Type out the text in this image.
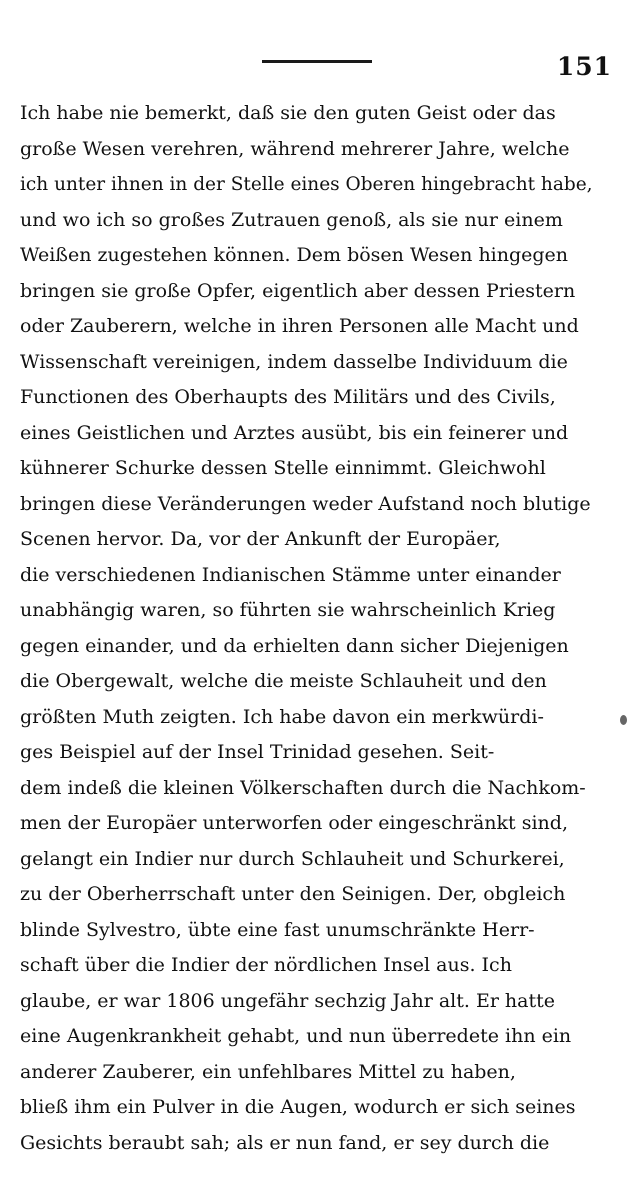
151
Ich habe nie bemerkt, daß sie den guten Geist oder das
große Wesen verehren, während mehrerer Jahre, welche
ich unter ihnen in der Stelle eines Oberen hingebracht habe,
und wo ich so großes Zutrauen genoß, als sie nur einem
Weißen zugestehen können. Dem bösen Wesen hingegen
bringen sie große Opfer, eigentlich aber dessen Priestern
oder Zauberern, welche in ihren Personen alle Macht und
Wissenschaft vereinigen, indem dasselbe Individuum die
Functionen des Oberhaupts des Militärs und des Civils,
eines Geistlichen und Arztes ausübt, bis ein feinerer und
kühnerer Schurke dessen Stelle einnimmt. Gleichwohl
bringen diese Veränderungen weder Aufstand noch blutige
Scenen hervor. Da, vor der Ankunft der Europäer,
die verschiedenen Indianischen Stämme unter einander
unabhängig waren, so führten sie wahrscheinlich Krieg
gegen einander, und da erhielten dann sicher Diejenigen
die Obergewalt, welche die meiste Schlauheit und den
größten Muth zeigten. Ich habe davon ein merkwürdi-
ges Beispiel auf der Insel Trinidad gesehen. Seit-
dem indeß die kleinen Völkerschaften durch die Nachkom-
men der Europäer unterworfen oder eingeschränkt sind,
gelangt ein Indier nur durch Schlauheit und Schurkerei,
zu der Oberherrschaft unter den Seinigen. Der, obgleich
blinde Sylvestro, übte eine fast unumschränkte Herr-
schaft über die Indier der nördlichen Insel aus. Ich
glaube, er war 1806 ungefähr sechzig Jahr alt. Er hatte
eine Augenkrankheit gehabt, und nun überredete ihn ein
anderer Zauberer, ein unfehlbares Mittel zu haben,
bließ ihm ein Pulver in die Augen, wodurch er sich seines
Gesichts beraubt sah; als er nun fand, er sey durch die
